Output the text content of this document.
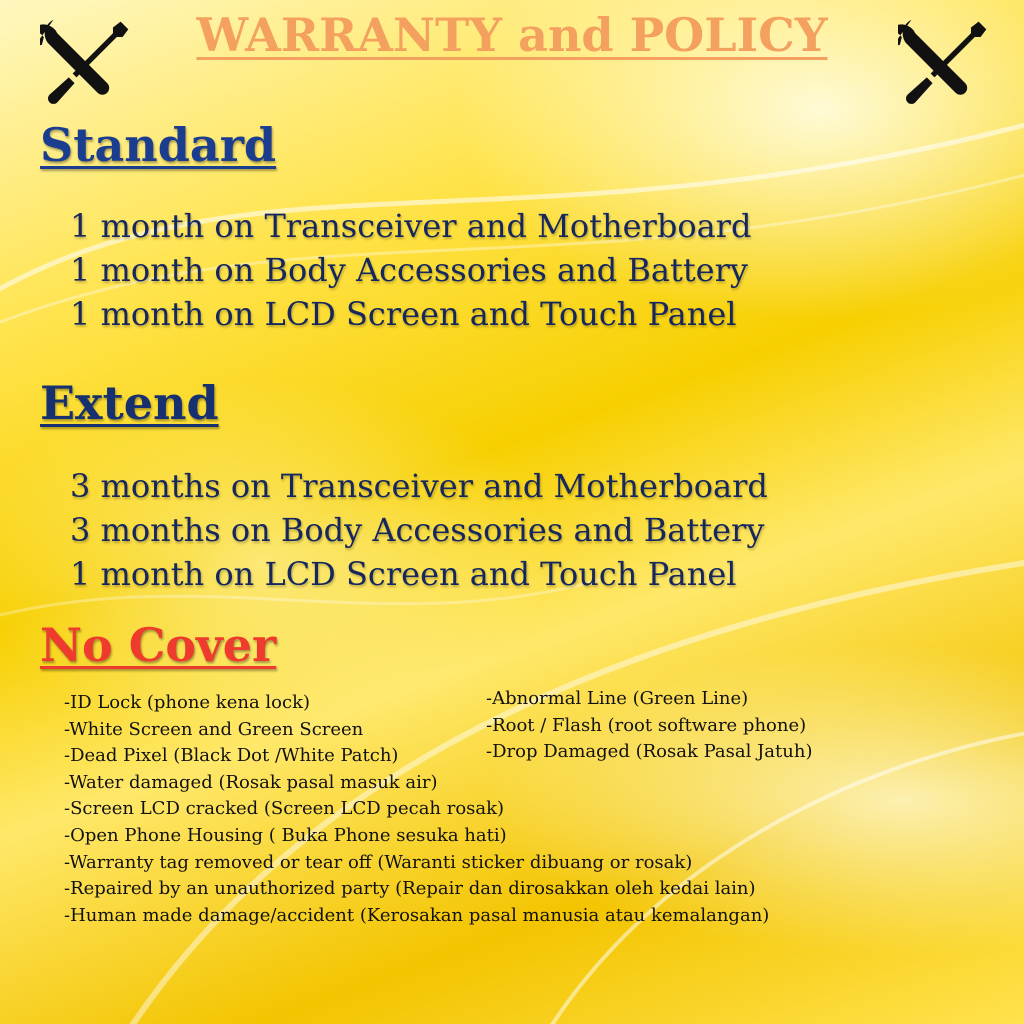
WARRANTY and POLICY
Standard
1 month on Transceiver and Motherboard
1 month on Body Accessories and Battery
1 month on LCD Screen and Touch Panel
Extend
3 months on Transceiver and Motherboard
3 months on Body Accessories and Battery
1 month on LCD Screen and Touch Panel
No Cover
-ID Lock (phone kena lock)
-White Screen and Green Screen
-Dead Pixel (Black Dot /White Patch)
-Water damaged (Rosak pasal masuk air)
-Screen LCD cracked (Screen LCD pecah rosak)
-Open Phone Housing ( Buka Phone sesuka hati)
-Warranty tag removed or tear off (Waranti sticker dibuang or rosak)
-Repaired by an unauthorized party (Repair dan dirosakkan oleh kedai lain)
-Human made damage/accident (Kerosakan pasal manusia atau kemalangan)
-Abnormal Line (Green Line)
-Root / Flash (root software phone)
-Drop Damaged (Rosak Pasal Jatuh)
